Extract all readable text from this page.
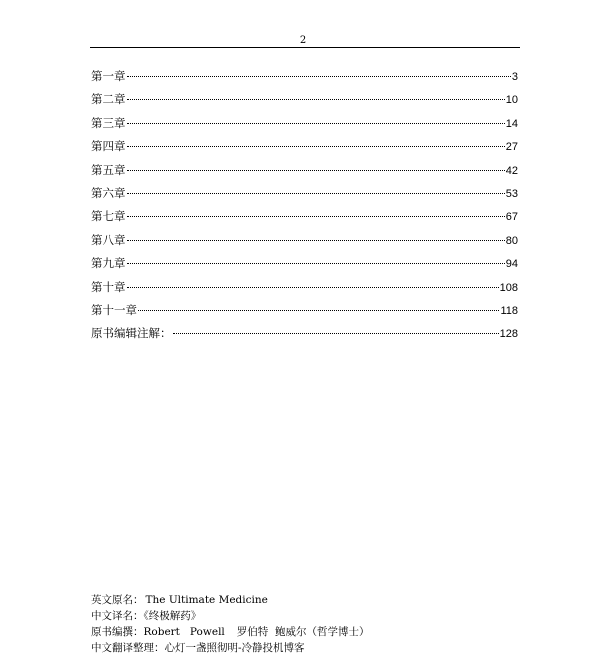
2
第一章	3
第二章	10
第三章	14
第四章	27
第五章	42
第六章	53
第七章	67
第八章	80
第九章	94
第十章	108
第十一章	118
原书编辑注解：	128
英文原名： The Ultimate Medicine
中文译名：《终极解药》
原书编撰：Robert Powell 罗伯特  鲍威尔（哲学博士）
中文翻译整理：心灯一盏照彻明-冷静投机博客
